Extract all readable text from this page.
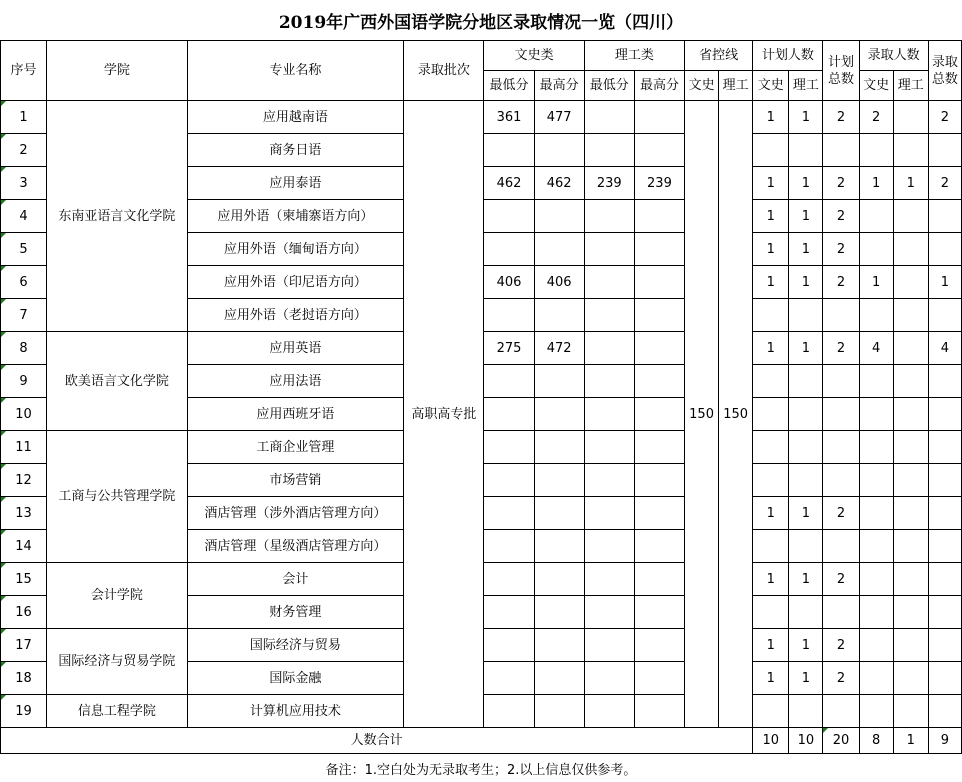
2019年广西外国语学院分地区录取情况一览（四川）
序号	学院	专业名称	录取批次	文史类		理工类		省控线		计划人数		计划总数	录取人数		录取总数
				最低分	最高分	最低分	最高分	文史	理工	文史	理工		文史	理工	
1	东南亚语言文化学院	应用越南语	高职高专批	361	477			150	150	1	1	2	2		2
2		商务日语													
3		应用泰语		462	462	239	239			1	1	2	1	1	2
4		应用外语（柬埔寨语方向）								1	1	2			
5		应用外语（缅甸语方向）								1	1	2			
6		应用外语（印尼语方向）		406	406					1	1	2	1		1
7		应用外语（老挝语方向）													
8	欧美语言文化学院	应用英语		275	472					1	1	2	4		4
9		应用法语													
10		应用西班牙语													
11	工商与公共管理学院	工商企业管理													
12		市场营销													
13		酒店管理（涉外酒店管理方向）								1	1	2			
14		酒店管理（星级酒店管理方向）													
15	会计学院	会计								1	1	2			
16		财务管理													
17	国际经济与贸易学院	国际经济与贸易								1	1	2			
18		国际金融								1	1	2			
19	信息工程学院	计算机应用技术													
人数合计										10	10	20	8	1	9
备注：1.空白处为无录取考生；2.以上信息仅供参考。
